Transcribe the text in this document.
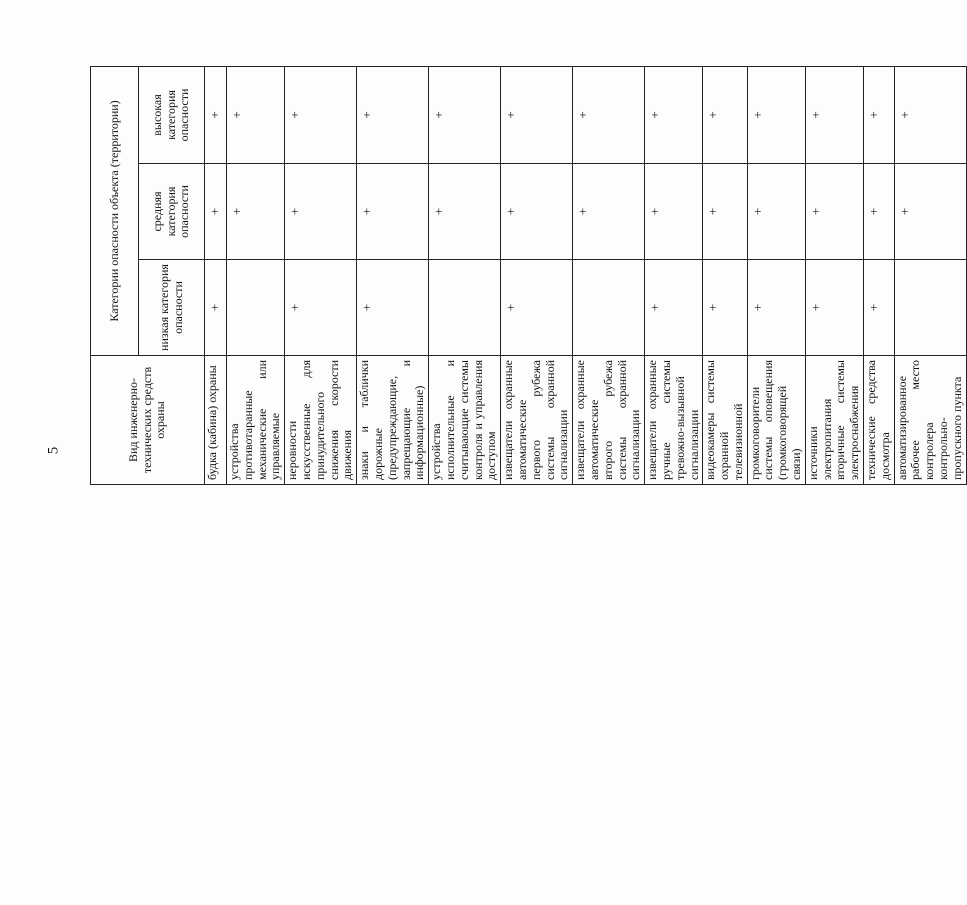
5	Вид инженерно-технических средств охраны	Категории опасности объекта (территории)		
	низкая категория опасности	средняя категория опасности	высокая категория опасности
будка (кабина) охраны	+	+	+
устройства противотаранные механические или управляемые		+	+
неровности искусственные для принудительного снижения скорости движения	+	+	+
знаки и таблички дорожные (предупреждающие, запрещающие и информационные)	+	+	+
устройства исполнительные и считывающие системы контроля и управления доступом		+	+
извещатели охранные автоматические первого рубежа системы охранной сигнализации	+	+	+
извещатели охранные автоматические второго рубежа системы охранной сигнализации		+	+
извещатели охранные ручные системы тревожно-вызывной сигнализации	+	+	+
видеокамеры системы охранной телевизионной	+	+	+
громкоговорители системы оповещения (громкоговорящей связи)	+	+	+
источники электропитания вторичные системы электроснабжения	+	+	+
технические средства досмотра	+	+	+
автоматизированное рабочее место контролера контрольно-пропускного пункта		+	+
